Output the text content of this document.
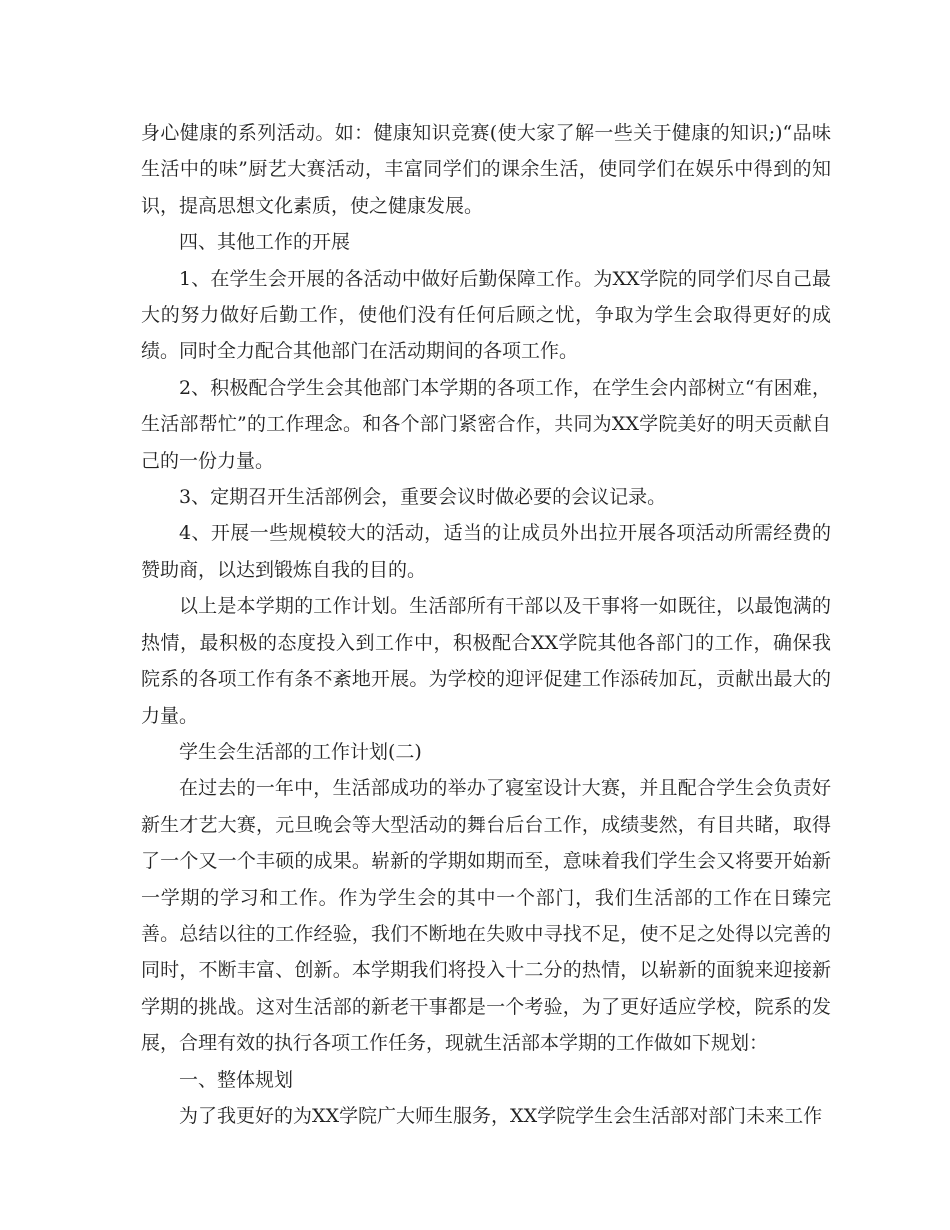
身心健康的系列活动。如：健康知识竞赛(使大家了解一些关于健康的知识;)“品味生活中的味”厨艺大赛活动，丰富同学们的课余生活，使同学们在娱乐中得到的知识，提高思想文化素质，使之健康发展。

四、其他工作的开展

1、在学生会开展的各活动中做好后勤保障工作。为XX学院的同学们尽自己最大的努力做好后勤工作，使他们没有任何后顾之忧，争取为学生会取得更好的成绩。同时全力配合其他部门在活动期间的各项工作。

2、积极配合学生会其他部门本学期的各项工作，在学生会内部树立“有困难，生活部帮忙”的工作理念。和各个部门紧密合作，共同为XX学院美好的明天贡献自己的一份力量。

3、定期召开生活部例会，重要会议时做必要的会议记录。

4、开展一些规模较大的活动，适当的让成员外出拉开展各项活动所需经费的赞助商，以达到锻炼自我的目的。

以上是本学期的工作计划。生活部所有干部以及干事将一如既往，以最饱满的热情，最积极的态度投入到工作中，积极配合XX学院其他各部门的工作，确保我院系的各项工作有条不紊地开展。为学校的迎评促建工作添砖加瓦，贡献出最大的力量。

学生会生活部的工作计划(二)

在过去的一年中，生活部成功的举办了寝室设计大赛，并且配合学生会负责好新生才艺大赛，元旦晚会等大型活动的舞台后台工作，成绩斐然，有目共睹，取得了一个又一个丰硕的成果。崭新的学期如期而至，意味着我们学生会又将要开始新一学期的学习和工作。作为学生会的其中一个部门，我们生活部的工作在日臻完善。总结以往的工作经验，我们不断地在失败中寻找不足，使不足之处得以完善的同时，不断丰富、创新。本学期我们将投入十二分的热情，以崭新的面貌来迎接新学期的挑战。这对生活部的新老干事都是一个考验，为了更好适应学校，院系的发展，合理有效的执行各项工作任务，现就生活部本学期的工作做如下规划：

一、整体规划

为了我更好的为XX学院广大师生服务，XX学院学生会生活部对部门未来工作
